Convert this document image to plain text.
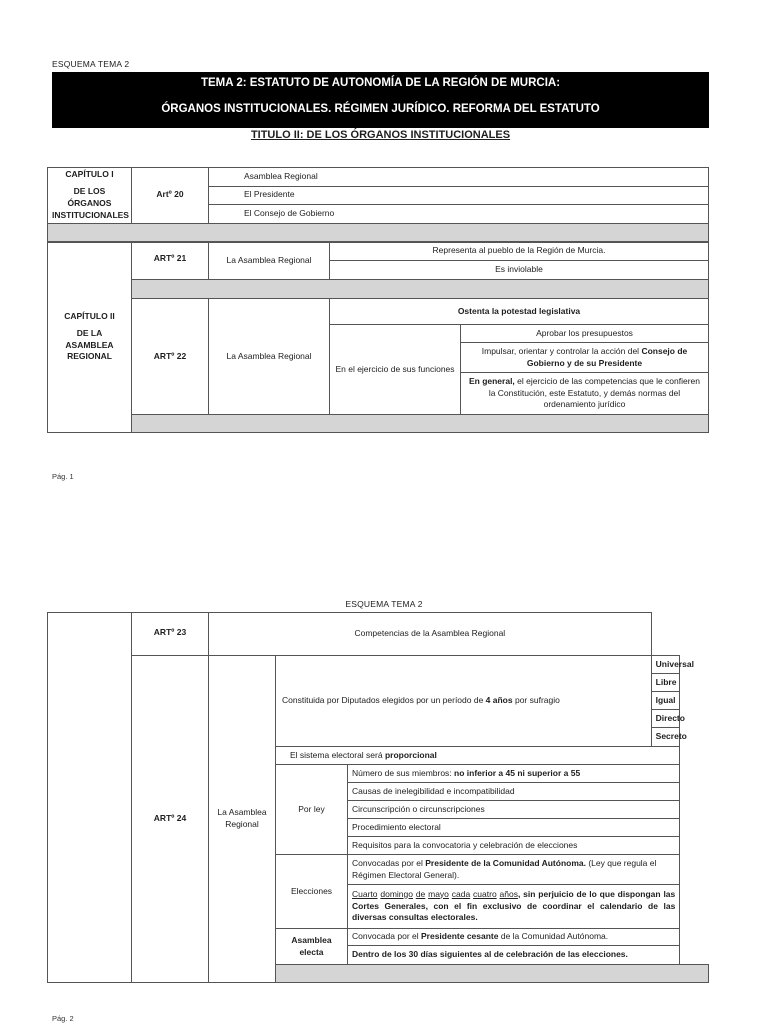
ESQUEMA TEMA 2
TEMA 2: ESTATUTO DE AUTONOMÍA DE LA REGIÓN DE MURCIA:
ÓRGANOS INSTITUCIONALES. RÉGIMEN JURÍDICO. REFORMA DEL ESTATUTO
TITULO II: DE LOS ÓRGANOS INSTITUCIONALES
CAPÍTULO I
DE LOS ÓRGANOS INSTITUCIONALES
	Artº 20	Asamblea Regional
El Presidente
El Consejo de Gobierno

CAPÍTULO II
DE LA ASAMBLEA REGIONAL	ARTº 21	La Asamblea Regional	Representa al pueblo de la Región de Murcia.	
			Es inviolable	

	ARTº 22	La Asamblea Regional	Ostenta la potestad legislativa	
			En el ejercicio de sus funciones	Aprobar los presupuestos
				Impulsar, orientar y controlar la acción del Consejo de Gobierno y de su Presidente
				En general, el ejercicio de las competencias que le confieren la Constitución, este Estatuto, y demás normas del ordenamiento jurídico

Pág. 1
ESQUEMA TEMA 2
	ARTº 23	Competencias de la Asamblea Regional			
	ARTº 24	La Asamblea Regional	Constituida por Diputados elegidos por un período de 4 años por sufragio		Universal
					Libre
					Igual
					Directo
					Secreto
			El sistema electoral será proporcional		
			Por ley	Número de sus miembros: no inferior a 45 ni superior a 55	
				Causas de inelegibilidad e incompatibilidad	
				Circunscripción o circunscripciones	
				Procedimiento electoral	
				Requisitos para la convocatoria y celebración de elecciones	
			Elecciones	Convocadas por el Presidente de la Comunidad Autónoma. (Ley que regula el Régimen Electoral General).	
				Cuarto domingo de mayo cada cuatro años, sin perjuicio de lo que dispongan las Cortes Generales, con el fin exclusivo de coordinar el calendario de las diversas consultas electorales.	
			Asamblea electa	Convocada por el Presidente cesante de la Comunidad Autónoma.	
				Dentro de los 30 días siguientes al de celebración de las elecciones.	

Pág. 2
